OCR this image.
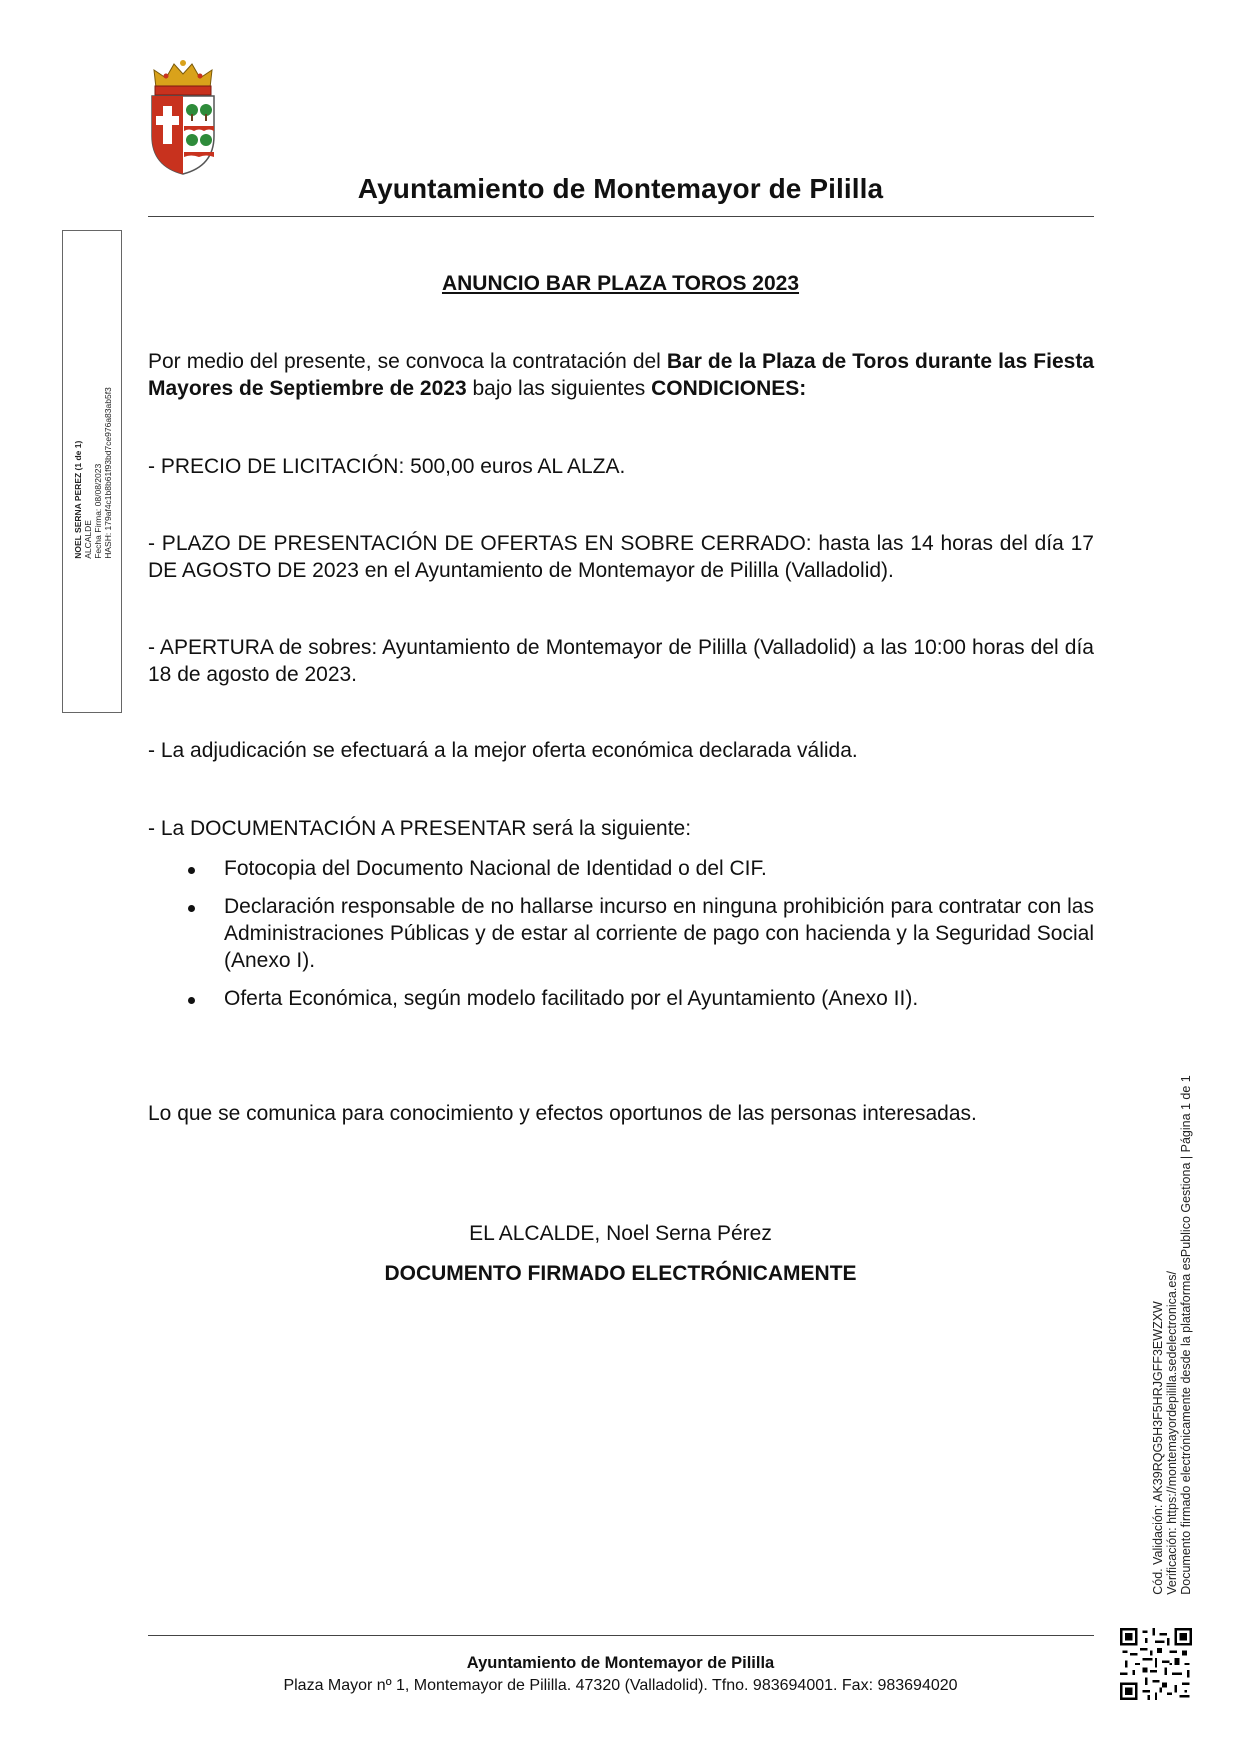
Ayuntamiento de Montemayor de Pililla
NOEL SERNA PEREZ (1 de 1) ALCALDE Fecha Firma: 08/08/2023 HASH: 179af4c1b8b61f93bd7ce976a83ab5f3
ANUNCIO BAR PLAZA TOROS 2023

Por medio del presente, se convoca la contratación del Bar de la Plaza de Toros durante las Fiesta Mayores de Septiembre de 2023 bajo las siguientes CONDICIONES:

- PRECIO DE LICITACIÓN: 500,00 euros AL ALZA.

- PLAZO DE PRESENTACIÓN DE OFERTAS EN SOBRE CERRADO: hasta las 14 horas del día 17 DE AGOSTO DE 2023 en el Ayuntamiento de Montemayor de Pililla (Valladolid).

- APERTURA de sobres: Ayuntamiento de Montemayor de Pililla (Valladolid) a las 10:00 horas del día 18 de agosto de 2023.

- La adjudicación se efectuará a la mejor oferta económica declarada válida.

- La DOCUMENTACIÓN A PRESENTAR será la siguiente:

Fotocopia del Documento Nacional de Identidad o del CIF.
Declaración responsable de no hallarse incurso en ninguna prohibición para contratar con las Administraciones Públicas y de estar al corriente de pago con hacienda y la Seguridad Social (Anexo I).
Oferta Económica, según modelo facilitado por el Ayuntamiento (Anexo II).

Lo que se comunica para conocimiento y efectos oportunos de las personas interesadas.

EL ALCALDE, Noel Serna Pérez
DOCUMENTO FIRMADO ELECTRÓNICAMENTE
Ayuntamiento de Montemayor de Pililla
Plaza Mayor nº 1, Montemayor de Pililla. 47320 (Valladolid). Tfno. 983694001. Fax: 983694020
Cód. Validación: AK39RQG5H3F5HRJGFF3EWZXW Verificación: https://montemayordepililla.sedelectronica.es/ Documento firmado electrónicamente desde la plataforma esPublico Gestiona | Página 1 de 1
